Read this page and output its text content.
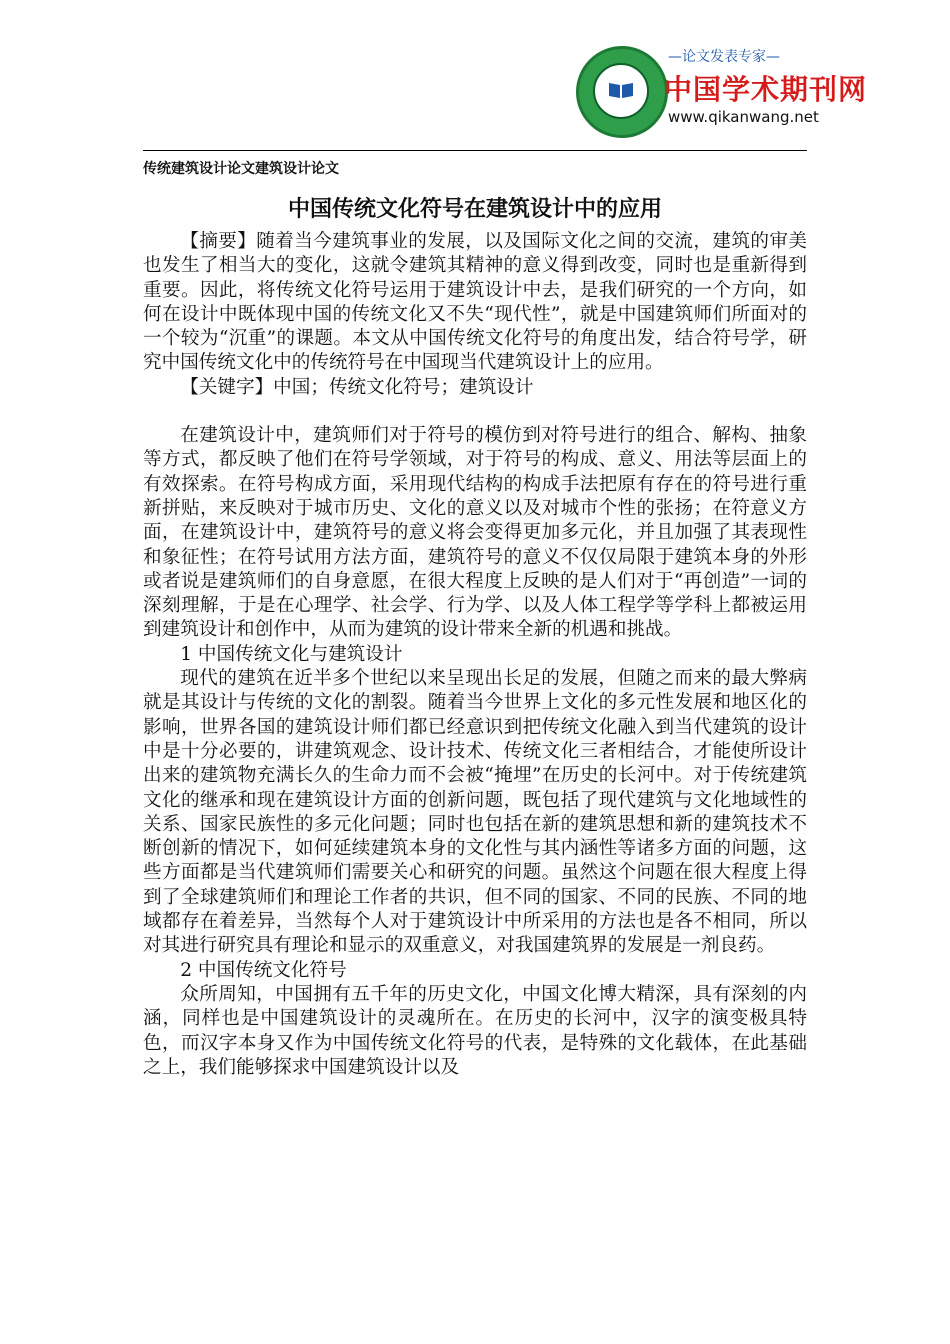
—论文发表专家—
中国学术期刊网
www.qikanwang.net
传统建筑设计论文建筑设计论文
中国传统文化符号在建筑设计中的应用

【摘要】随着当今建筑事业的发展，以及国际文化之间的交流，建筑的审美也发生了相当大的变化，这就令建筑其精神的意义得到改变，同时也是重新得到重要。因此，将传统文化符号运用于建筑设计中去，是我们研究的一个方向，如何在设计中既体现中国的传统文化又不失“现代性”，就是中国建筑师们所面对的一个较为“沉重”的课题。本文从中国传统文化符号的角度出发，结合符号学，研究中国传统文化中的传统符号在中国现当代建筑设计上的应用。

【关键字】中国；传统文化符号；建筑设计

在建筑设计中，建筑师们对于符号的模仿到对符号进行的组合、解构、抽象等方式，都反映了他们在符号学领域，对于符号的构成、意义、用法等层面上的有效探索。在符号构成方面，采用现代结构的构成手法把原有存在的符号进行重新拼贴，来反映对于城市历史、文化的意义以及对城市个性的张扬；在符意义方面，在建筑设计中，建筑符号的意义将会变得更加多元化，并且加强了其表现性和象征性；在符号试用方法方面，建筑符号的意义不仅仅局限于建筑本身的外形或者说是建筑师们的自身意愿，在很大程度上反映的是人们对于“再创造”一词的深刻理解，于是在心理学、社会学、行为学、以及人体工程学等学科上都被运用到建筑设计和创作中，从而为建筑的设计带来全新的机遇和挑战。

1 中国传统文化与建筑设计

现代的建筑在近半多个世纪以来呈现出长足的发展，但随之而来的最大弊病就是其设计与传统的文化的割裂。随着当今世界上文化的多元性发展和地区化的影响，世界各国的建筑设计师们都已经意识到把传统文化融入到当代建筑的设计中是十分必要的，讲建筑观念、设计技术、传统文化三者相结合，才能使所设计出来的建筑物充满长久的生命力而不会被“掩埋”在历史的长河中。对于传统建筑文化的继承和现在建筑设计方面的创新问题，既包括了现代建筑与文化地域性的关系、国家民族性的多元化问题；同时也包括在新的建筑思想和新的建筑技术不断创新的情况下，如何延续建筑本身的文化性与其内涵性等诸多方面的问题，这些方面都是当代建筑师们需要关心和研究的问题。虽然这个问题在很大程度上得到了全球建筑师们和理论工作者的共识，但不同的国家、不同的民族、不同的地域都存在着差异，当然每个人对于建筑设计中所采用的方法也是各不相同，所以对其进行研究具有理论和显示的双重意义，对我国建筑界的发展是一剂良药。

2 中国传统文化符号

众所周知，中国拥有五千年的历史文化，中国文化博大精深，具有深刻的内涵，同样也是中国建筑设计的灵魂所在。在历史的长河中，汉字的演变极具特色，而汉字本身又作为中国传统文化符号的代表，是特殊的文化载体，在此基础之上，我们能够探求中国建筑设计以及
